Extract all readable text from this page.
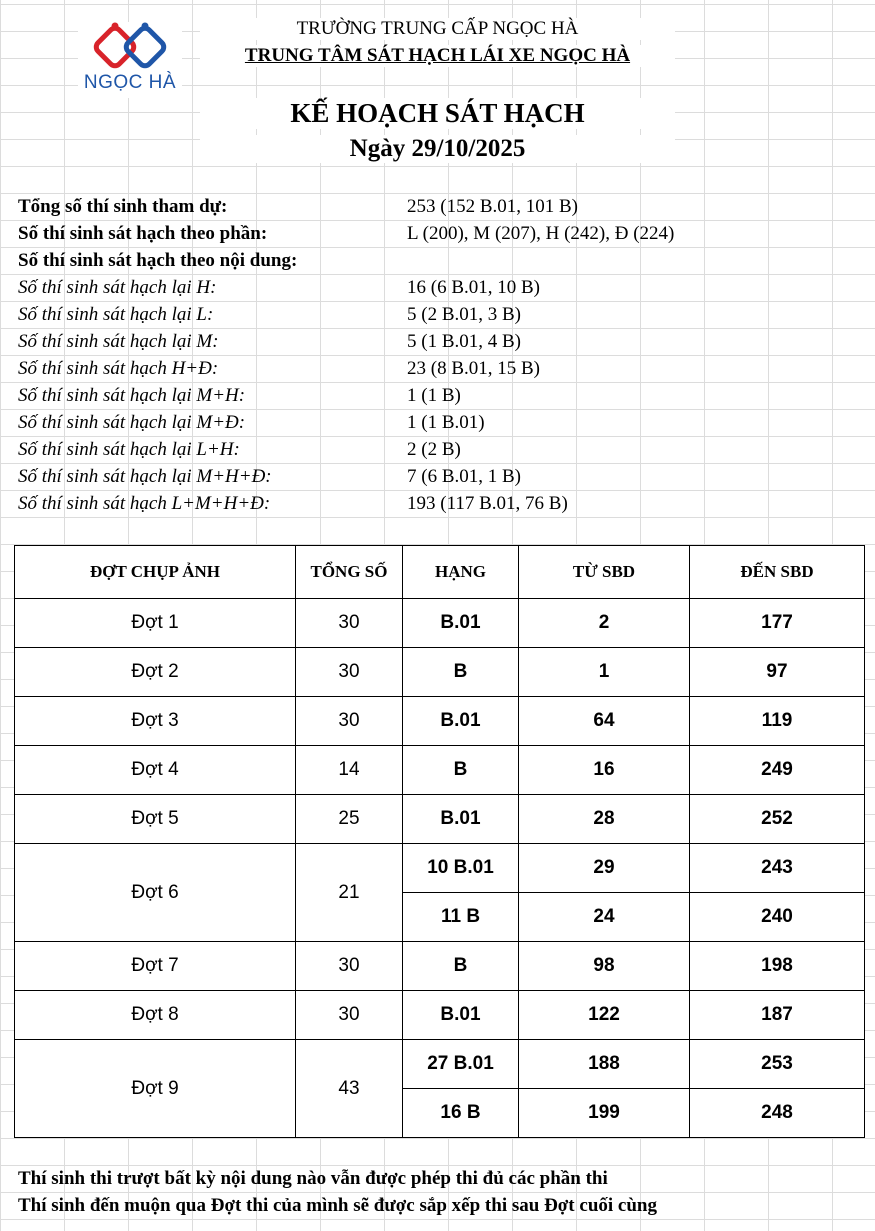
NGỌC HÀ
TRƯỜNG TRUNG CẤP NGỌC HÀ
TRUNG TÂM SÁT HẠCH LÁI XE NGỌC HÀ
KẾ HOẠCH SÁT HẠCH
Ngày 29/10/2025
Tổng số thí sinh tham dự:	253 (152 B.01, 101 B)
Số thí sinh sát hạch theo phần:	L (200), M (207), H (242), Đ (224)
Số thí sinh sát hạch theo nội dung:
Số thí sinh sát hạch lại H:	16 (6 B.01, 10 B)
Số thí sinh sát hạch lại L:	5 (2 B.01, 3 B)
Số thí sinh sát hạch lại M:	5 (1 B.01, 4 B)
Số thí sinh sát hạch H+Đ:	23 (8 B.01, 15 B)
Số thí sinh sát hạch lại M+H:	1 (1 B)
Số thí sinh sát hạch lại M+Đ:	1 (1 B.01)
Số thí sinh sát hạch lại L+H:	2 (2 B)
Số thí sinh sát hạch lại M+H+Đ:	7 (6 B.01, 1 B)
Số thí sinh sát hạch L+M+H+Đ:	193 (117 B.01, 76 B)
ĐỢT CHỤP ẢNH	TỔNG SỐ	HẠNG	TỪ SBD	ĐẾN SBD
Đợt 1	30	B.01	2	177
Đợt 2	30	B	1	97
Đợt 3	30	B.01	64	119
Đợt 4	14	B	16	249
Đợt 5	25	B.01	28	252
Đợt 6	21	10 B.01	29	243
		11 B	24	240
Đợt 7	30	B	98	198
Đợt 8	30	B.01	122	187
Đợt 9	43	27 B.01	188	253
		16 B	199	248
Thí sinh thi trượt bất kỳ nội dung nào vẫn được phép thi đủ các phần thi
Thí sinh đến muộn qua Đợt thi của mình sẽ được sắp xếp thi sau Đợt cuối cùng
